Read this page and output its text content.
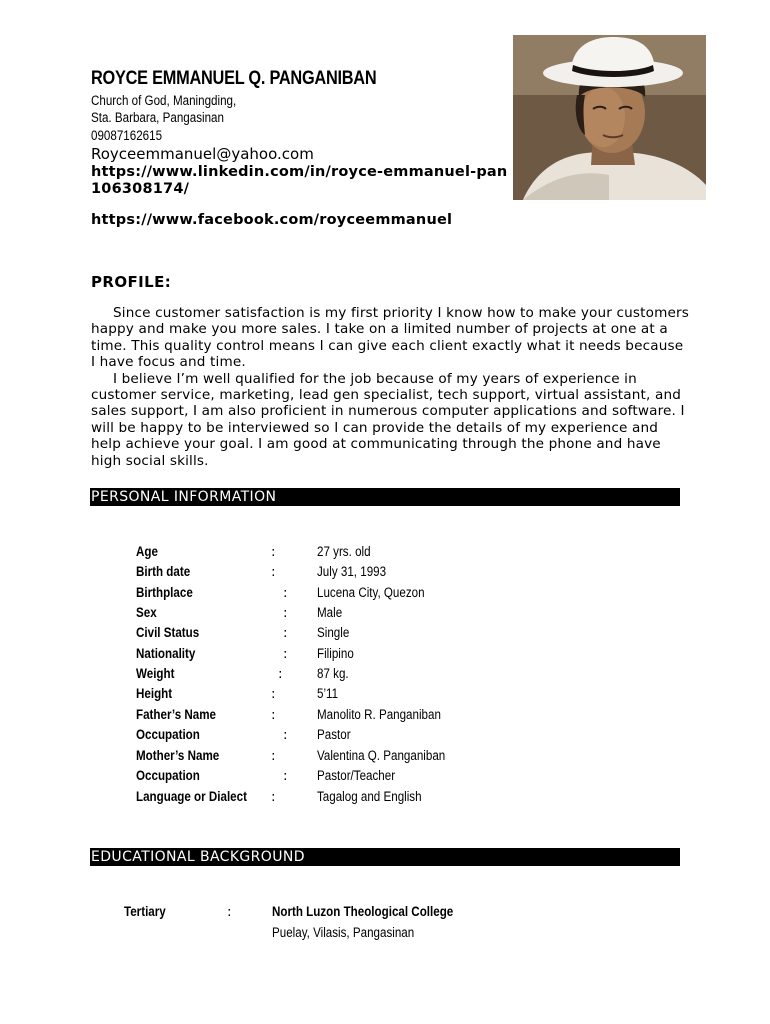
ROYCE EMMANUEL Q. PANGANIBAN
Church of God, Maningding,
Sta. Barbara, Pangasinan
09087162615
Royceemmanuel@yahoo.com
https://www.linkedin.com/in/royce-emmanuel-pan
106308174/
https://www.facebook.com/royceemmanuel
PROFILE:

Since customer satisfaction is my first priority I know how to make your customers happy and make you more sales. I take on a limited number of projects at one at a time. This quality control means I can give each client exactly what it needs because I have focus and time.

I believe I’m well qualified for the job because of my years of experience in customer service, marketing, lead gen specialist, tech support, virtual assistant, and sales support, I am also proficient in numerous computer applications and software. I will be happy to be interviewed so I can provide the details of my experience and help achieve your goal. I am good at communicating through the phone and have high social skills.

PERSONAL INFORMATION
Age	:	27 yrs. old
Birth date	:	July 31, 1993
Birthplace	: Lucena City, Quezon
Sex	: Male
Civil Status	: Single
Nationality	: Filipino
Weight	:	87 kg.
Height	:	5’11
Father’s Name	:	Manolito R. Panganiban
Occupation	: Pastor
Mother’s Name	:	Valentina Q. Panganiban
Occupation	: Pastor/Teacher
Language or Dialect :	Tagalog and English
EDUCATIONAL BACKGROUND
Tertiary	:	North Luzon Theological College
Puelay, Vilasis, Pangasinan
